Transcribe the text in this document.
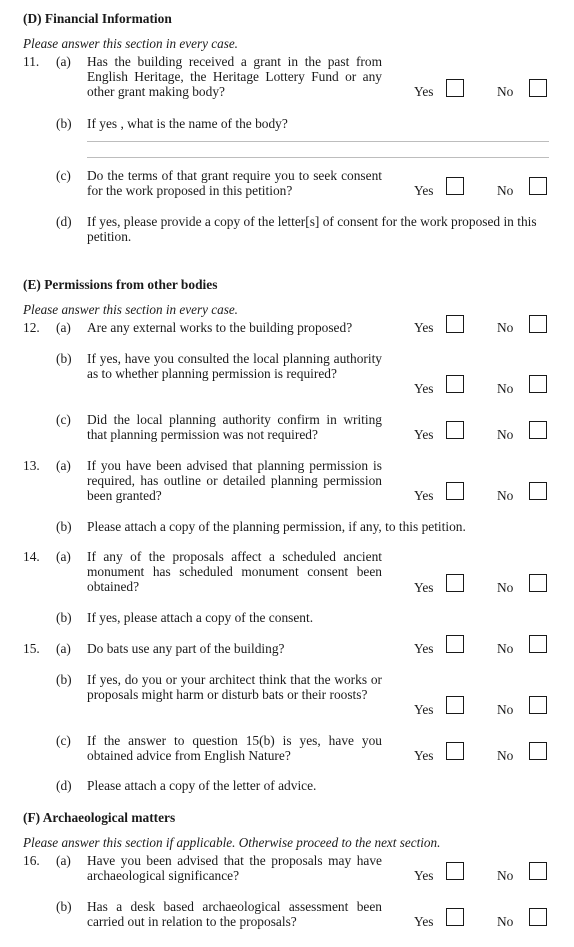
(D) Financial Information
Please answer this section in every case.
11. (a) Has the building received a grant in the past from English Heritage, the Heritage Lottery Fund or any other grant making body?	Yes	No
(b) If yes , what is the name of the body?
(c) Do the terms of that grant require you to seek consent for the work proposed in this petition?	Yes	No
(d) If yes, please provide a copy of the letter[s] of consent for the work proposed in this petition.
(E) Permissions from other bodies
Please answer this section in every case.
12. (a) Are any external works to the building proposed?	Yes	No
(b) If yes, have you consulted the local planning authority as to whether planning permission is required?
Yes	No
(c) Did the local planning authority confirm in writing that planning permission was not required?	Yes	No
13. (a) If you have been advised that planning permission is required, has outline or detailed planning permission been granted?	Yes	No
(b) Please attach a copy of the planning permission, if any, to this petition.
14. (a) If any of the proposals affect a scheduled ancient monument has scheduled monument consent been obtained?	Yes	No
(b) If yes, please attach a copy of the consent.
15. (a) Do bats use any part of the building?	Yes	No
(b) If yes, do you or your architect think that the works or proposals might harm or disturb bats or their roosts?
Yes	No
(c) If the answer to question 15(b) is yes, have you obtained advice from English Nature?	Yes	No
(d) Please attach a copy of the letter of advice.
(F) Archaeological matters
Please answer this section if applicable. Otherwise proceed to the next section.
16. (a) Have you been advised that the proposals may have archaeological significance?	Yes	No
(b) Has a desk based archaeological assessment been carried out in relation to the proposals?	Yes	No
